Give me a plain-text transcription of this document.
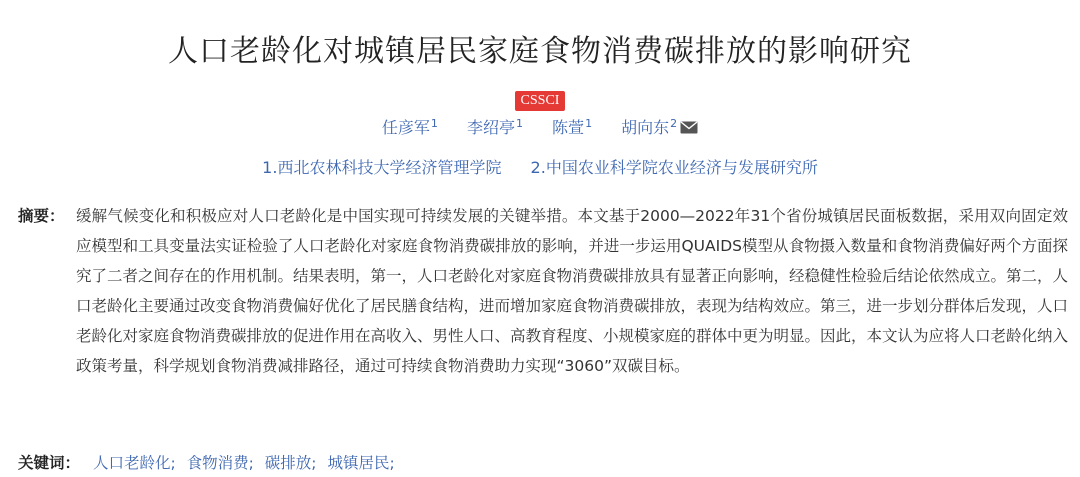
人口老龄化对城镇居民家庭食物消费碳排放的影响研究
CSSCI
任彦军$^1$ 李绍亭$^1$ 陈萱$^1$ 胡向东$^2$
1.西北农林科技大学经济管理学院 2.中国农业科学院农业经济与发展研究所
摘要： 缓解气候变化和积极应对人口老龄化是中国实现可持续发展的关键举措。本文基于2000—2022年31个省份城镇居民面板数据，采用双向固定效应模型和工具变量法实证检验了人口老龄化对家庭食物消费碳排放的影响，并进一步运用QUAIDS模型从食物摄入数量和食物消费偏好两个方面探究了二者之间存在的作用机制。结果表明，第一，人口老龄化对家庭食物消费碳排放具有显著正向影响，经稳健性检验后结论依然成立。第二，人口老龄化主要通过改变食物消费偏好优化了居民膳食结构，进而增加家庭食物消费碳排放，表现为结构效应。第三，进一步划分群体后发现，人口老龄化对家庭食物消费碳排放的促进作用在高收入、男性人口、高教育程度、小规模家庭的群体中更为明显。因此，本文认为应将人口老龄化纳入政策考量，科学规划食物消费减排路径，通过可持续食物消费助力实现“3060”双碳目标。
关键词： 人口老龄化; 食物消费; 碳排放; 城镇居民;
